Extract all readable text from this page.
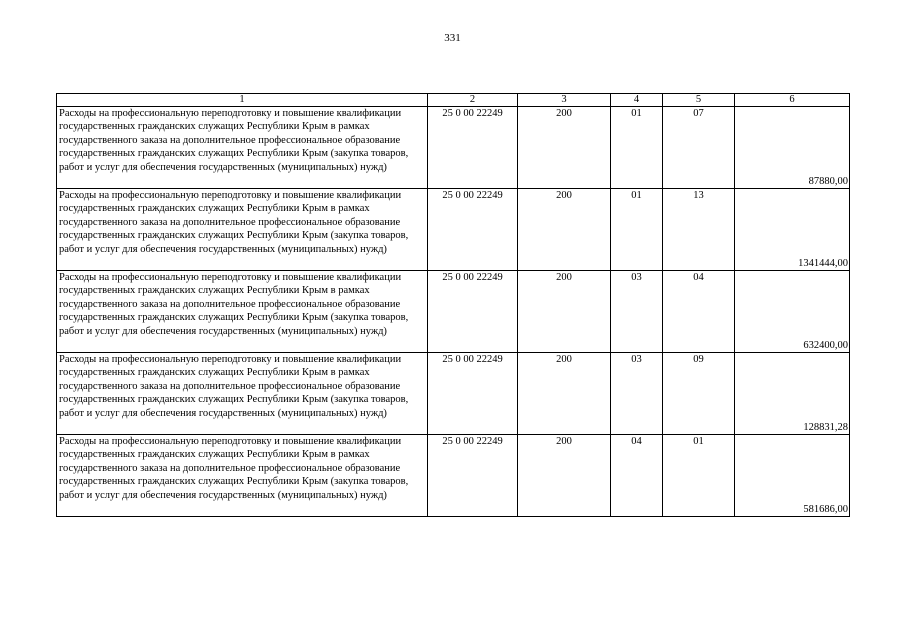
331
1	2	3	4	5	6
Расходы на профессиональную переподготовку и повышение квалификации государственных гражданских служащих Республики Крым в рамках государственного заказа на дополнительное профессиональное образование государственных гражданских служащих Республики Крым (закупка товаров, работ и услуг для обеспечения государственных (муниципальных) нужд)	25 0 00 22249	200	01	07	87880,00
Расходы на профессиональную переподготовку и повышение квалификации государственных гражданских служащих Республики Крым в рамках государственного заказа на дополнительное профессиональное образование государственных гражданских служащих Республики Крым (закупка товаров, работ и услуг для обеспечения государственных (муниципальных) нужд)	25 0 00 22249	200	01	13	1341444,00
Расходы на профессиональную переподготовку и повышение квалификации государственных гражданских служащих Республики Крым в рамках государственного заказа на дополнительное профессиональное образование государственных гражданских служащих Республики Крым (закупка товаров, работ и услуг для обеспечения государственных (муниципальных) нужд)	25 0 00 22249	200	03	04	632400,00
Расходы на профессиональную переподготовку и повышение квалификации государственных гражданских служащих Республики Крым в рамках государственного заказа на дополнительное профессиональное образование государственных гражданских служащих Республики Крым (закупка товаров, работ и услуг для обеспечения государственных (муниципальных) нужд)	25 0 00 22249	200	03	09	128831,28
Расходы на профессиональную переподготовку и повышение квалификации государственных гражданских служащих Республики Крым в рамках государственного заказа на дополнительное профессиональное образование государственных гражданских служащих Республики Крым (закупка товаров, работ и услуг для обеспечения государственных (муниципальных) нужд)	25 0 00 22249	200	04	01	581686,00
